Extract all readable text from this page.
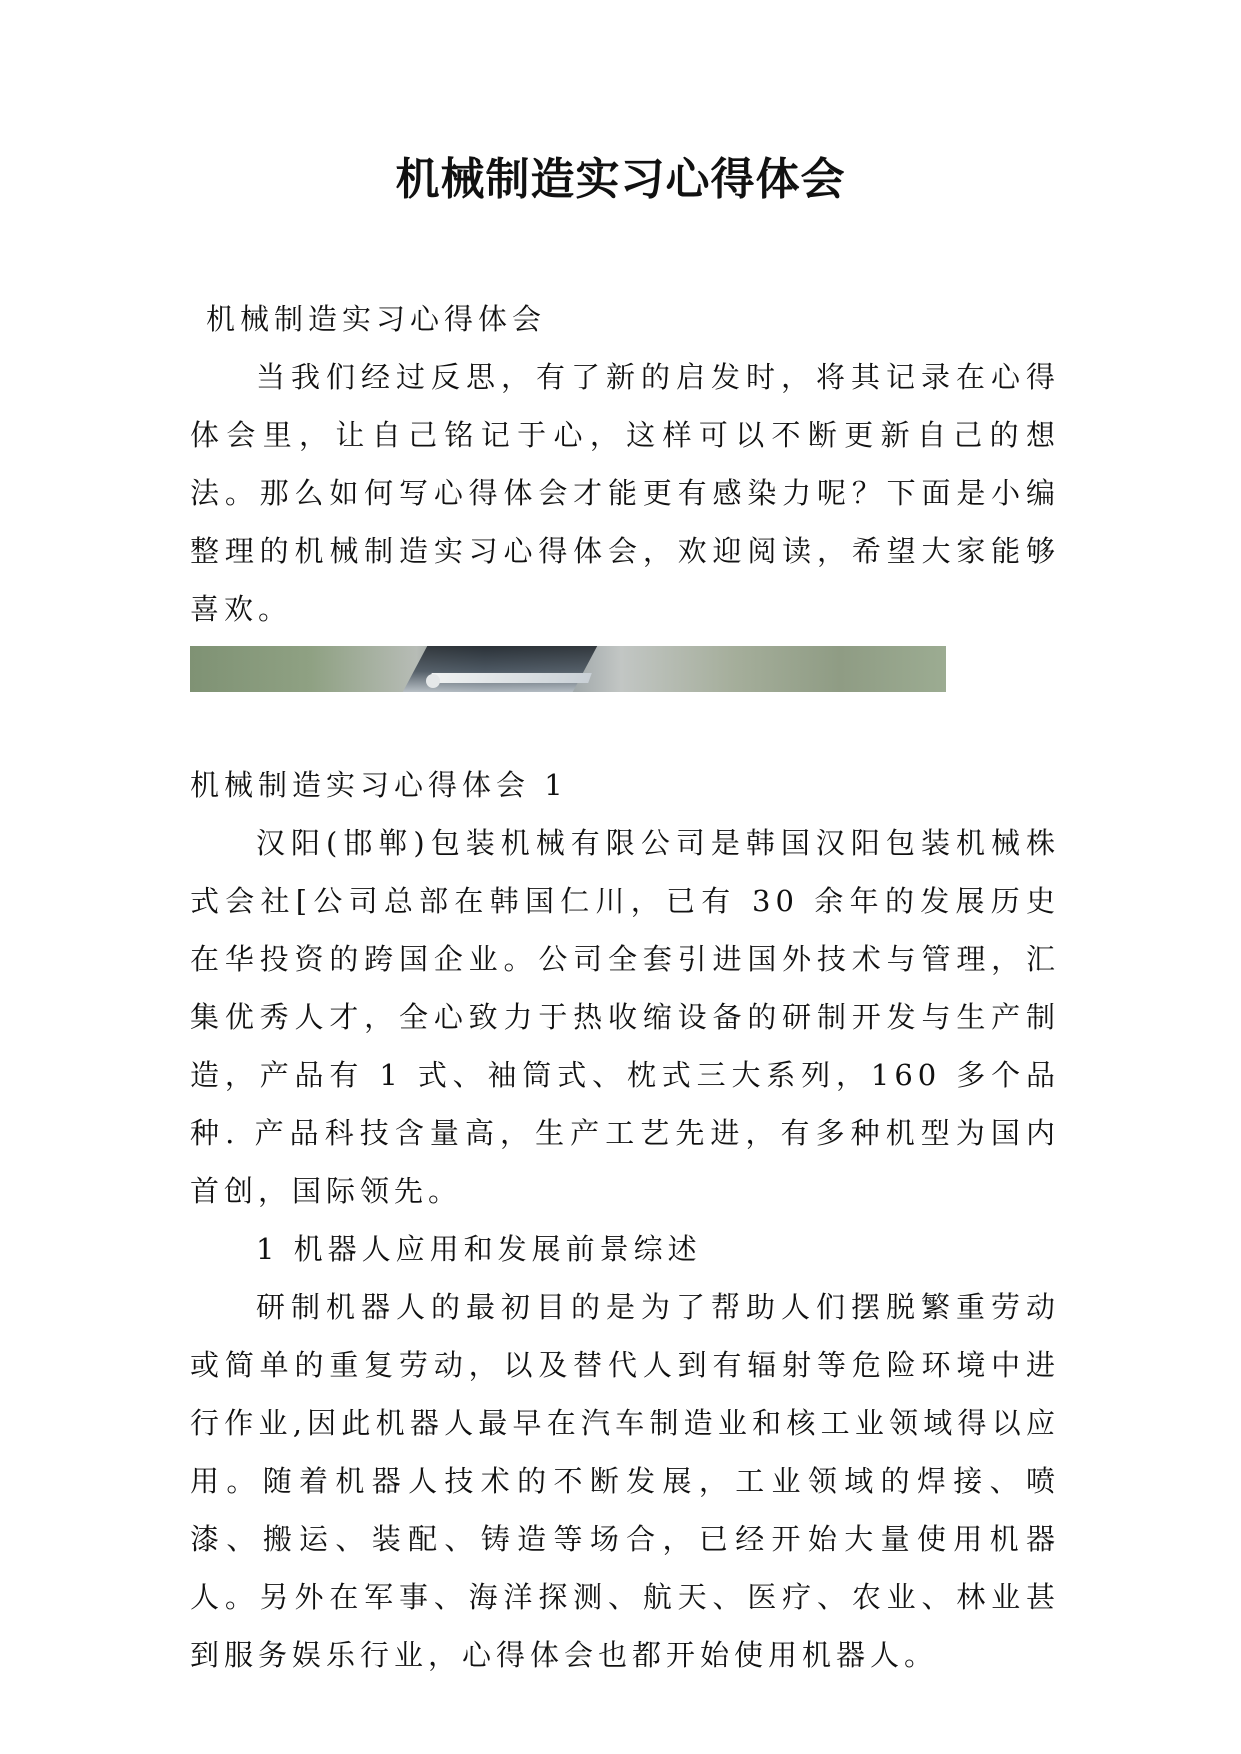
机械制造实习心得体会

机械制造实习心得体会

当我们经过反思，有了新的启发时，将其记录在心得体会里，让自己铭记于心，这样可以不断更新自己的想法。那么如何写心得体会才能更有感染力呢？下面是小编整理的机械制造实习心得体会，欢迎阅读，希望大家能够喜欢。

机械制造实习心得体会 1

汉阳(邯郸)包装机械有限公司是韩国汉阳包装机械株式会社[公司总部在韩国仁川，已有 30 余年的发展历史在华投资的跨国企业。公司全套引进国外技术与管理，汇集优秀人才，全心致力于热收缩设备的研制开发与生产制造，产品有 1 式、袖筒式、枕式三大系列，160 多个品种. 产品科技含量高，生产工艺先进，有多种机型为国内首创，国际领先。

1 机器人应用和发展前景综述

研制机器人的最初目的是为了帮助人们摆脱繁重劳动或简单的重复劳动，以及替代人到有辐射等危险环境中进行作业,因此机器人最早在汽车制造业和核工业领域得以应用。随着机器人技术的不断发展，工业领域的焊接、喷漆、搬运、装配、铸造等场合，已经开始大量使用机器人。另外在军事、海洋探测、航天、医疗、农业、林业甚到服务娱乐行业，心得体会也都开始使用机器人。
